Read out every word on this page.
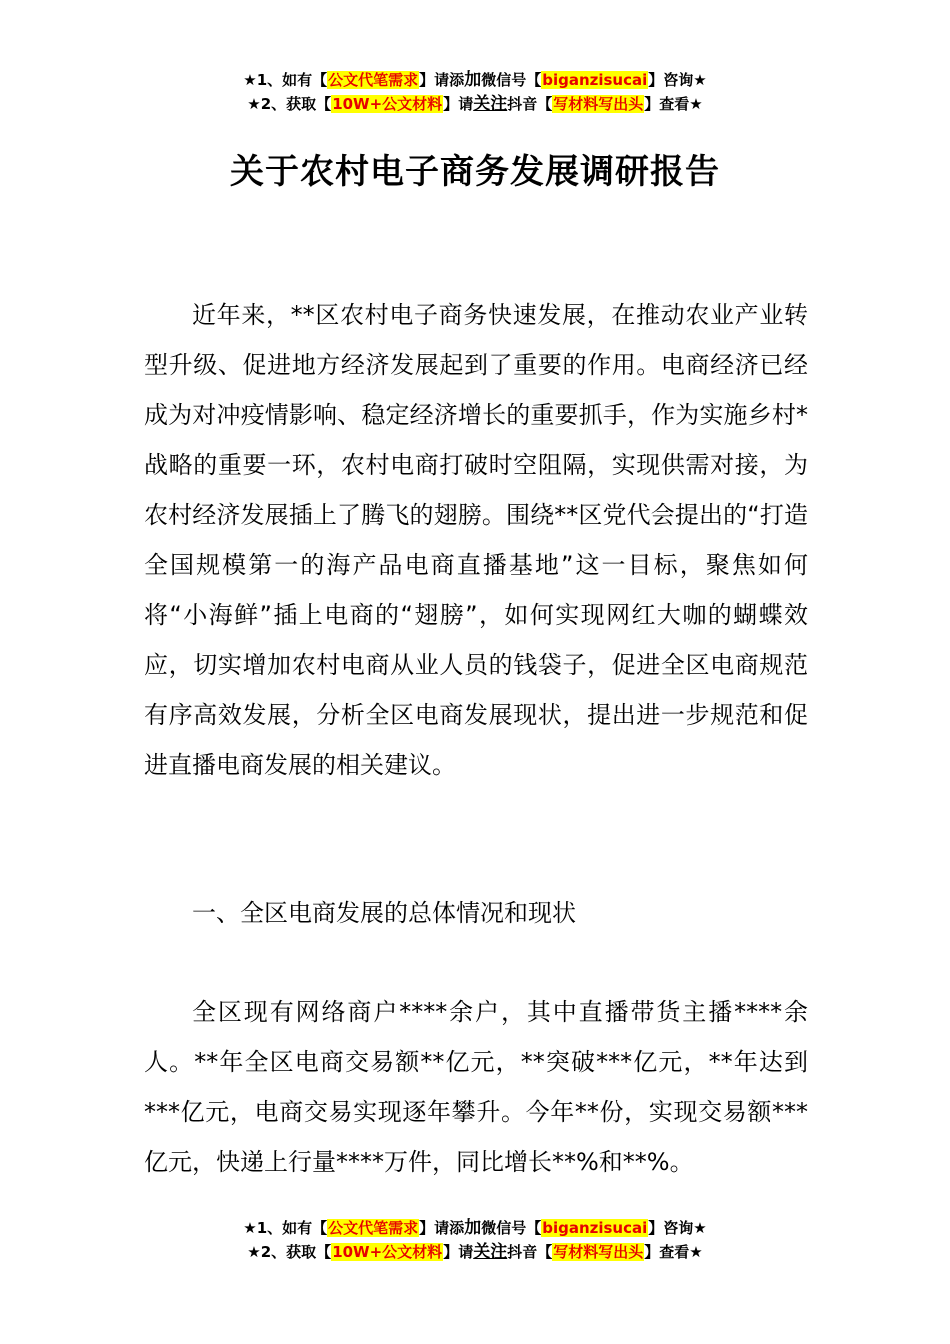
★1、如有【公文代笔需求】请添加微信号【biganzisucai】咨询★
★2、获取【10W+公文材料】请关注抖音【写材料写出头】查看★
关于农村电子商务发展调研报告

近年来，**区农村电子商务快速发展，在推动农业产业转型升级、促进地方经济发展起到了重要的作用。电商经济已经成为对冲疫情影响、稳定经济增长的重要抓手，作为实施乡村*战略的重要一环，农村电商打破时空阻隔，实现供需对接，为农村经济发展插上了腾飞的翅膀。围绕**区党代会提出的“打造全国规模第一的海产品电商直播基地”这一目标，聚焦如何将“小海鲜”插上电商的“翅膀”，如何实现网红大咖的蝴蝶效应，切实增加农村电商从业人员的钱袋子，促进全区电商规范有序高效发展，分析全区电商发展现状，提出进一步规范和促进直播电商发展的相关建议。

一、全区电商发展的总体情况和现状

全区现有网络商户****余户，其中直播带货主播****余人。**年全区电商交易额**亿元，**突破***亿元，**年达到***亿元，电商交易实现逐年攀升。今年**份，实现交易额***亿元，快递上行量****万件，同比增长**%和**%。

★1、如有【公文代笔需求】请添加微信号【biganzisucai】咨询★
★2、获取【10W+公文材料】请关注抖音【写材料写出头】查看★
